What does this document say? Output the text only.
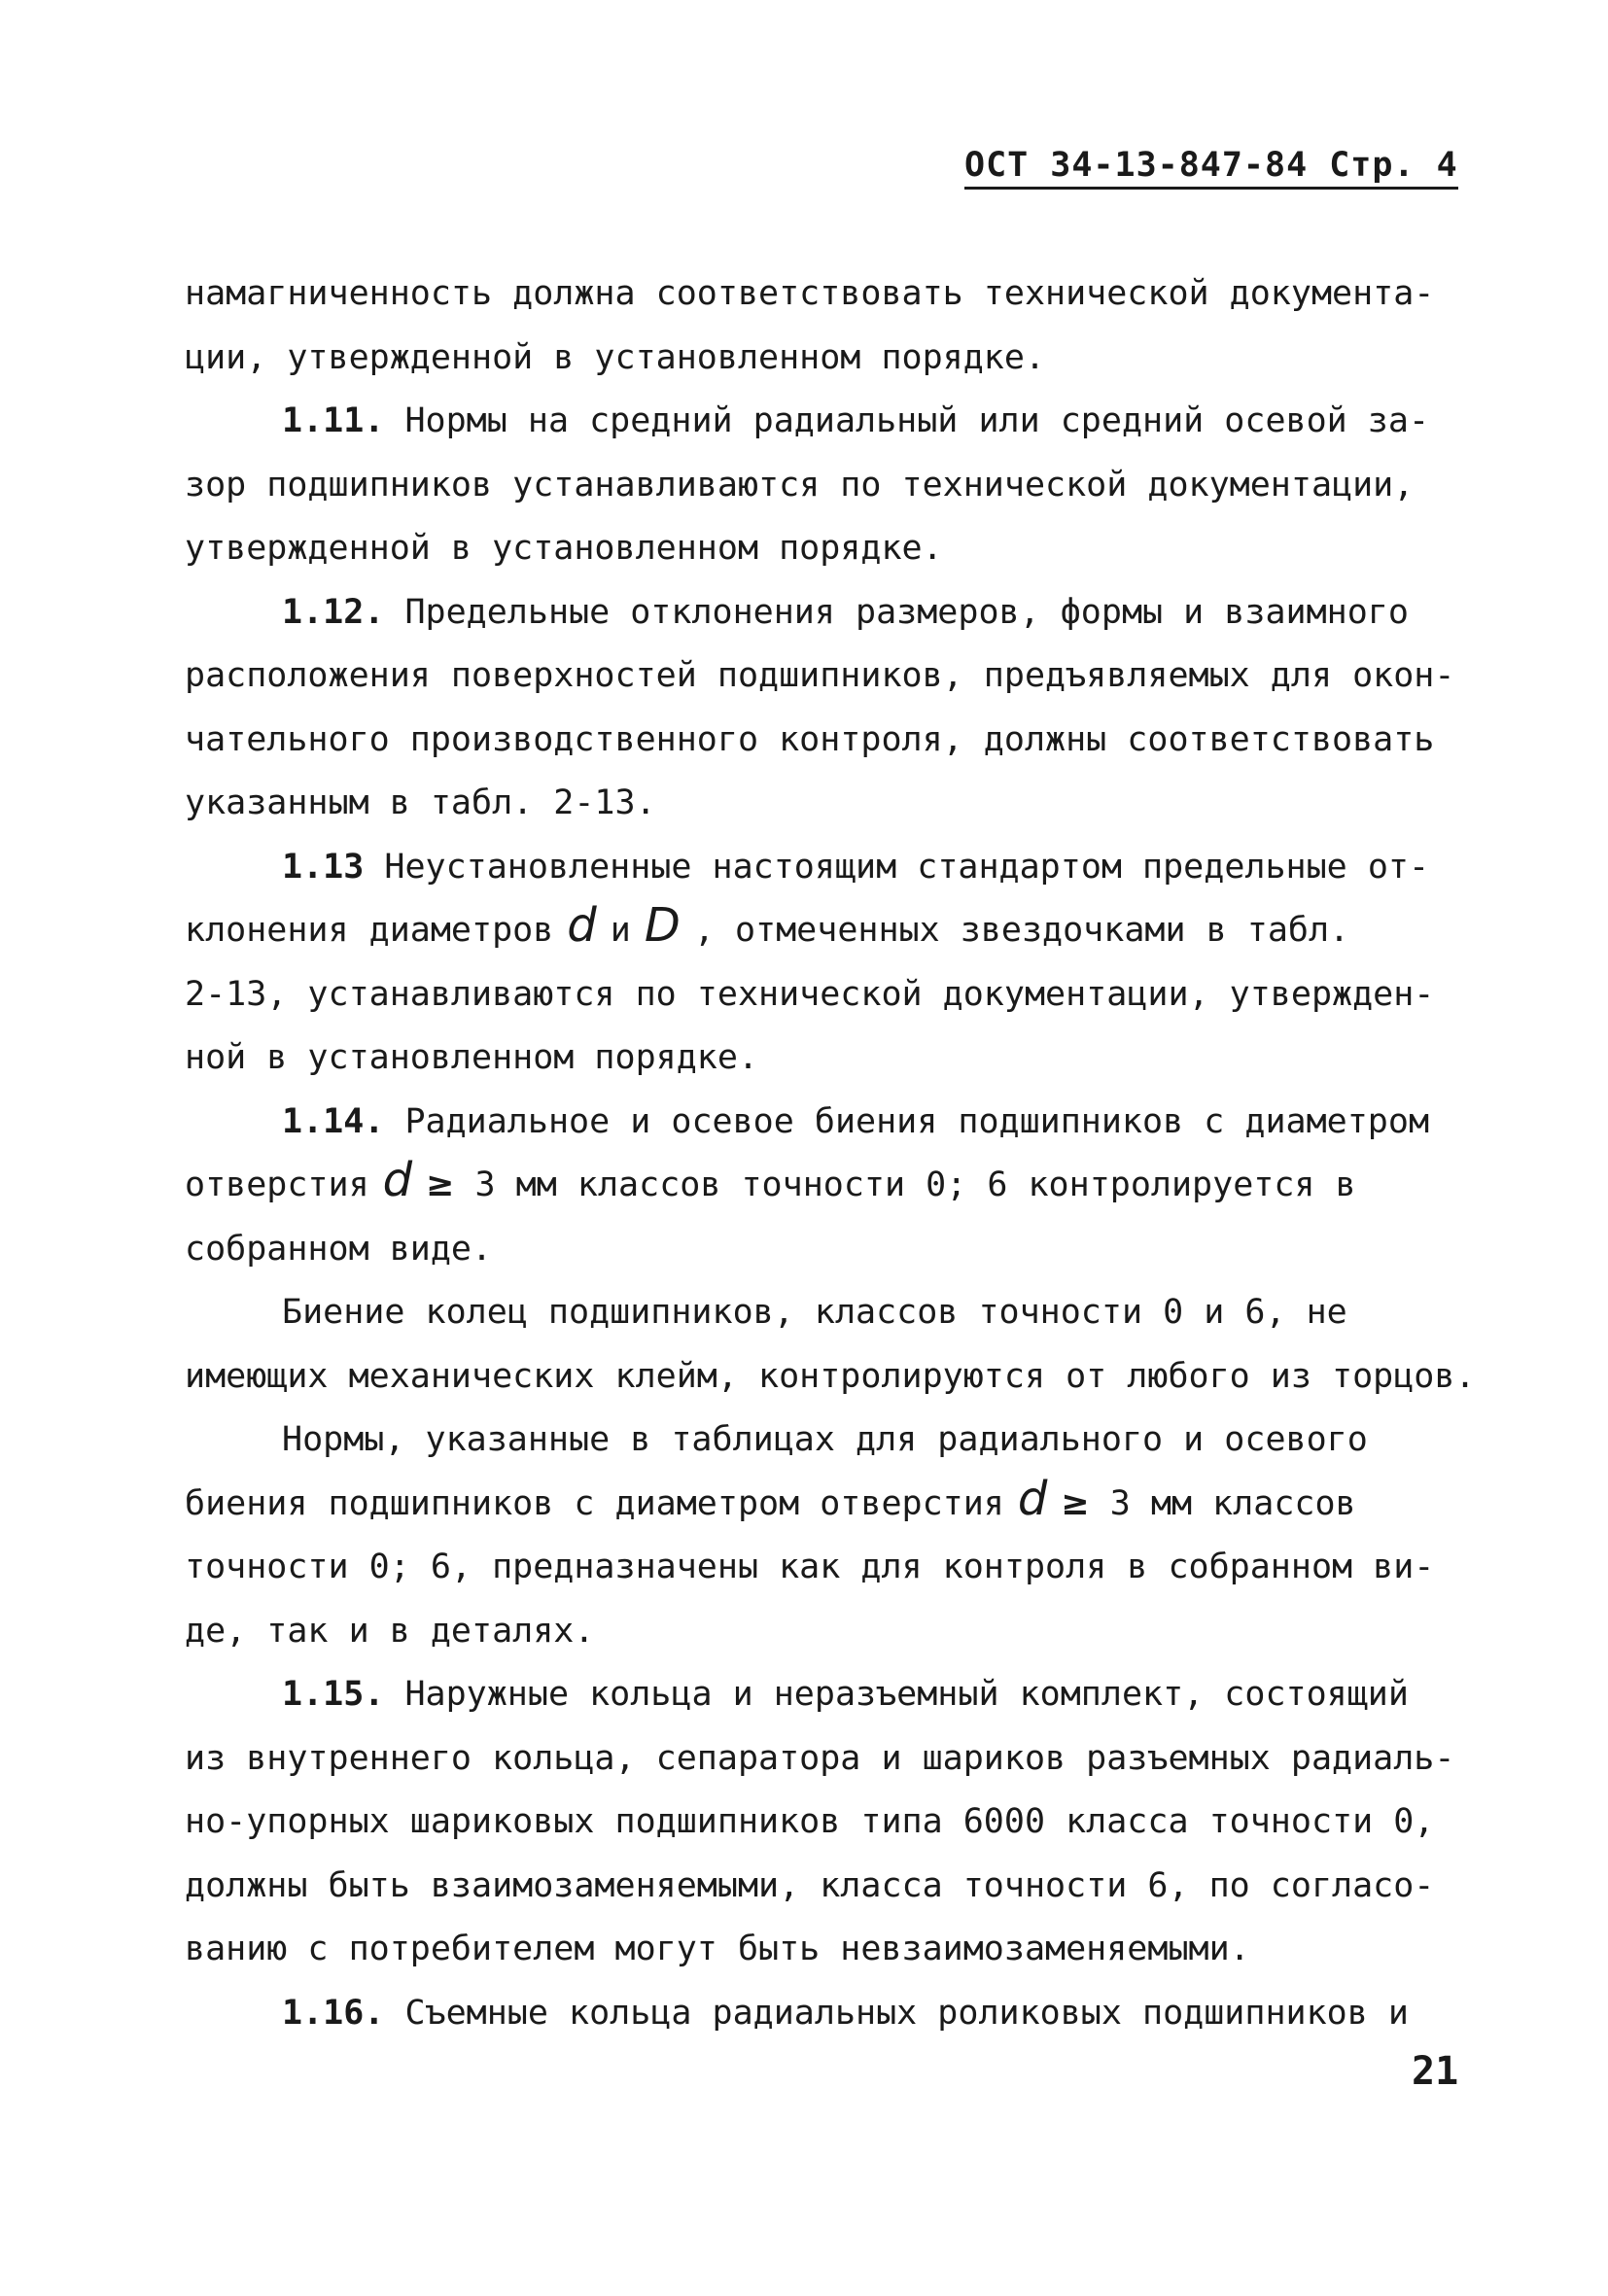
ОСТ 34-13-847-84 Стр. 4
намагниченность должна соответствовать технической документа-
ции, утвержденной в установленном порядке.
1.11. Нормы на средний радиальный или средний осевой за-
зор подшипников устанавливаются по технической документации,
утвержденной в установленном порядке.
1.12. Предельные отклонения размеров, формы и взаимного
расположения поверхностей подшипников, предъявляемых для окон-
чательного производственного контроля, должны соответствовать
указанным в табл. 2-13.
1.13 Неустановленные настоящим стандартом предельные от-
клонения диаметров d и D , отмеченных звездочками в табл.
2-13, устанавливаются по технической документации, утвержден-
ной в установленном порядке.
1.14. Радиальное и осевое биения подшипников с диаметром
отверстия d ≥ 3 мм классов точности 0; 6 контролируется в
собранном виде.
Биение колец подшипников, классов точности 0 и 6, не
имеющих механических клейм, контролируются от любого из торцов.
Нормы, указанные в таблицах для радиального и осевого
биения подшипников с диаметром отверстия d ≥ 3 мм классов
точности 0; 6, предназначены как для контроля в собранном ви-
де, так и в деталях.
1.15. Наружные кольца и неразъемный комплект, состоящий
из внутреннего кольца, сепаратора и шариков разъемных радиаль-
но-упорных шариковых подшипников типа 6000 класса точности 0,
должны быть взаимозаменяемыми, класса точности 6, по согласо-
ванию с потребителем могут быть невзаимозаменяемыми.
1.16. Съемные кольца радиальных роликовых подшипников и
21
